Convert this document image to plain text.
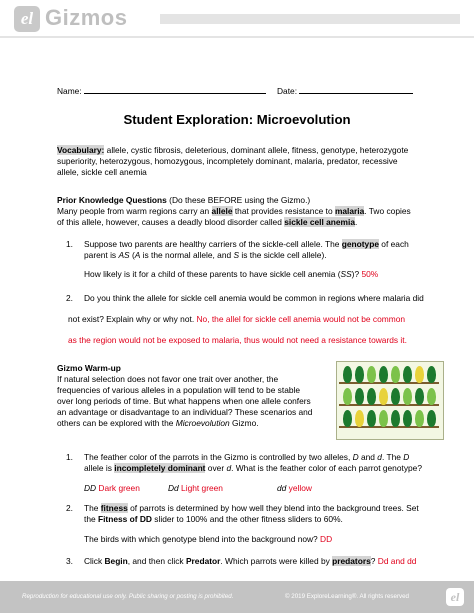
el Gizmos
Name:	Date:
Student Exploration: Microevolution
Vocabulary: allele, cystic fibrosis, deleterious, dominant allele, fitness, genotype, heterozygote
superiority, heterozygous, homozygous, incompletely dominant, malaria, predator, recessive
allele, sickle cell anemia
Prior Knowledge Questions (Do these BEFORE using the Gizmo.)
Many people from warm regions carry an allele that provides resistance to malaria. Two copies
of this allele, however, causes a deadly blood disorder called sickle cell anemia.
1. Suppose two parents are healthy carriers of the sickle-cell allele. The genotype of each
parent is AS (A is the normal allele, and S is the sickle cell allele).
How likely is it for a child of these parents to have sickle cell anemia (SS)? 50%
2. Do you think the allele for sickle cell anemia would be common in regions where malaria did
not exist? Explain why or why not. No, the allel for sickle cell anemia would not be common
as the region would not be exposed to malaria, thus would not need a resistance towards it.
Gizmo Warm-up
If natural selection does not favor one trait over another, the
frequencies of various alleles in a population will tend to be stable
over long periods of time. But what happens when one allele confers
an advantage or disadvantage to an individual? These scenarios and
others can be explored with the Microevolution Gizmo.
1. The feather color of the parrots in the Gizmo is controlled by two alleles, D and d. The D
allele is incompletely dominant over d. What is the feather color of each parrot genotype?
DD Dark green	Dd Light green	dd yellow
2. The fitness of parrots is determined by how well they blend into the background trees. Set
the Fitness of DD slider to 100% and the other fitness sliders to 60%.
The birds with which genotype blend into the background now? DD
3. Click Begin, and then click Predator. Which parrots were killed by predators? Dd and dd
Reproduction for educational use only. Public sharing or posting is prohibited.	© 2019 ExploreLearning®. All rights reserved	el
